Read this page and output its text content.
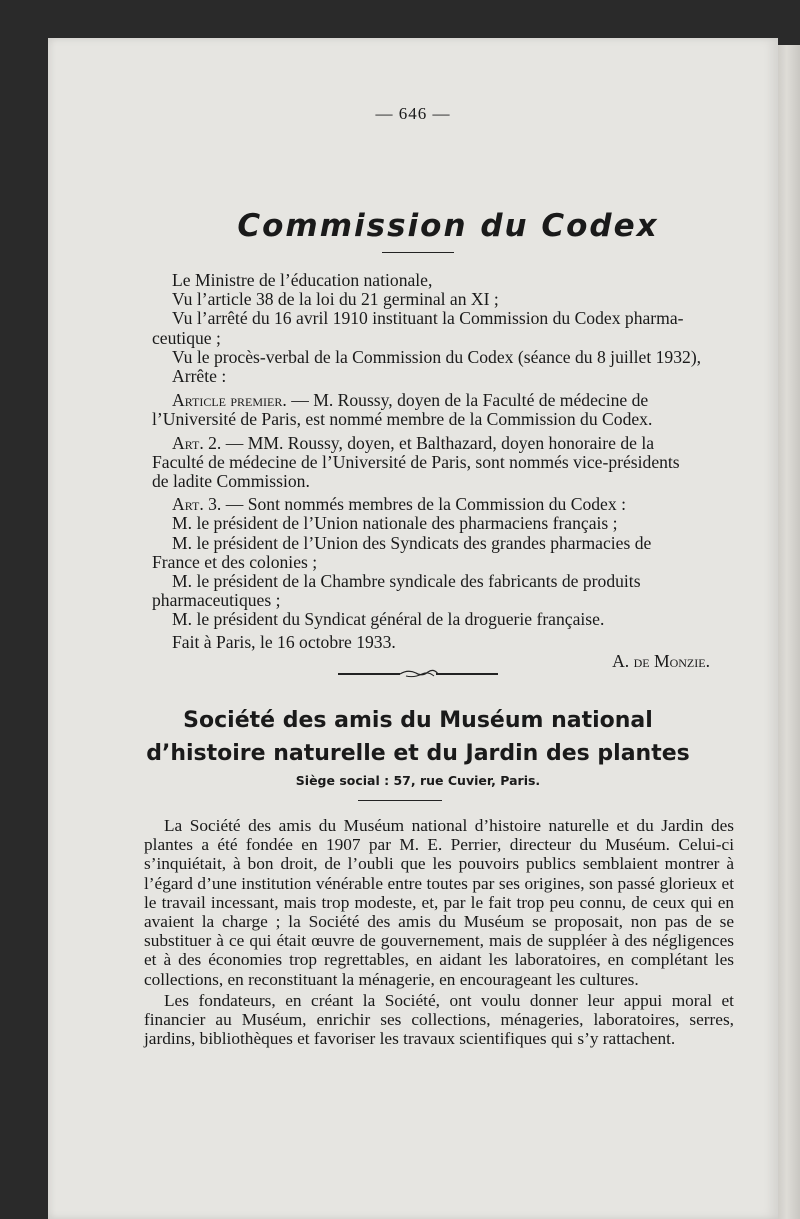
— 646 —
Commission du Codex

Le Ministre de l’éducation nationale,

Vu l’article 38 de la loi du 21 germinal an XI ;

Vu l’arrêté du 16 avril 1910 instituant la Commission du Codex pharma-

ceutique ;

Vu le procès-verbal de la Commission du Codex (séance du 8 juillet 1932),

Arrête :

Article premier. — M. Roussy, doyen de la Faculté de médecine de

l’Université de Paris, est nommé membre de la Commission du Codex.

Art. 2. — MM. Roussy, doyen, et Balthazard, doyen honoraire de la

Faculté de médecine de l’Université de Paris, sont nommés vice-présidents

de ladite Commission.

Art. 3. — Sont nommés membres de la Commission du Codex :

M. le président de l’Union nationale des pharmaciens français ;

M. le président de l’Union des Syndicats des grandes pharmacies de

France et des colonies ;

M. le président de la Chambre syndicale des fabricants de produits

pharmaceutiques ;

M. le président du Syndicat général de la droguerie française.

Fait à Paris, le 16 octobre 1933.

A. de Monzie.

Société des amis du Muséum national
d’histoire naturelle et du Jardin des plantes
Siège social : 57, rue Cuvier, Paris.

La Société des amis du Muséum national d’histoire naturelle et du Jardin des plantes a été fondée en 1907 par M. E. Perrier, directeur du Muséum. Celui-ci s’inquiétait, à bon droit, de l’oubli que les pouvoirs publics semblaient montrer à l’égard d’une institution vénérable entre toutes par ses origines, son passé glorieux et le travail incessant, mais trop modeste, et, par le fait trop peu connu, de ceux qui en avaient la charge ; la Société des amis du Muséum se proposait, non pas de se substituer à ce qui était œuvre de gouvernement, mais de suppléer à des négligences et à des économies trop regrettables, en aidant les laboratoires, en complétant les collections, en reconstituant la ménagerie, en encourageant les cultures.

Les fondateurs, en créant la Société, ont voulu donner leur appui moral et financier au Muséum, enrichir ses collections, ménageries, laboratoires, serres, jardins, bibliothèques et favoriser les travaux scientifiques qui s’y rattachent.
